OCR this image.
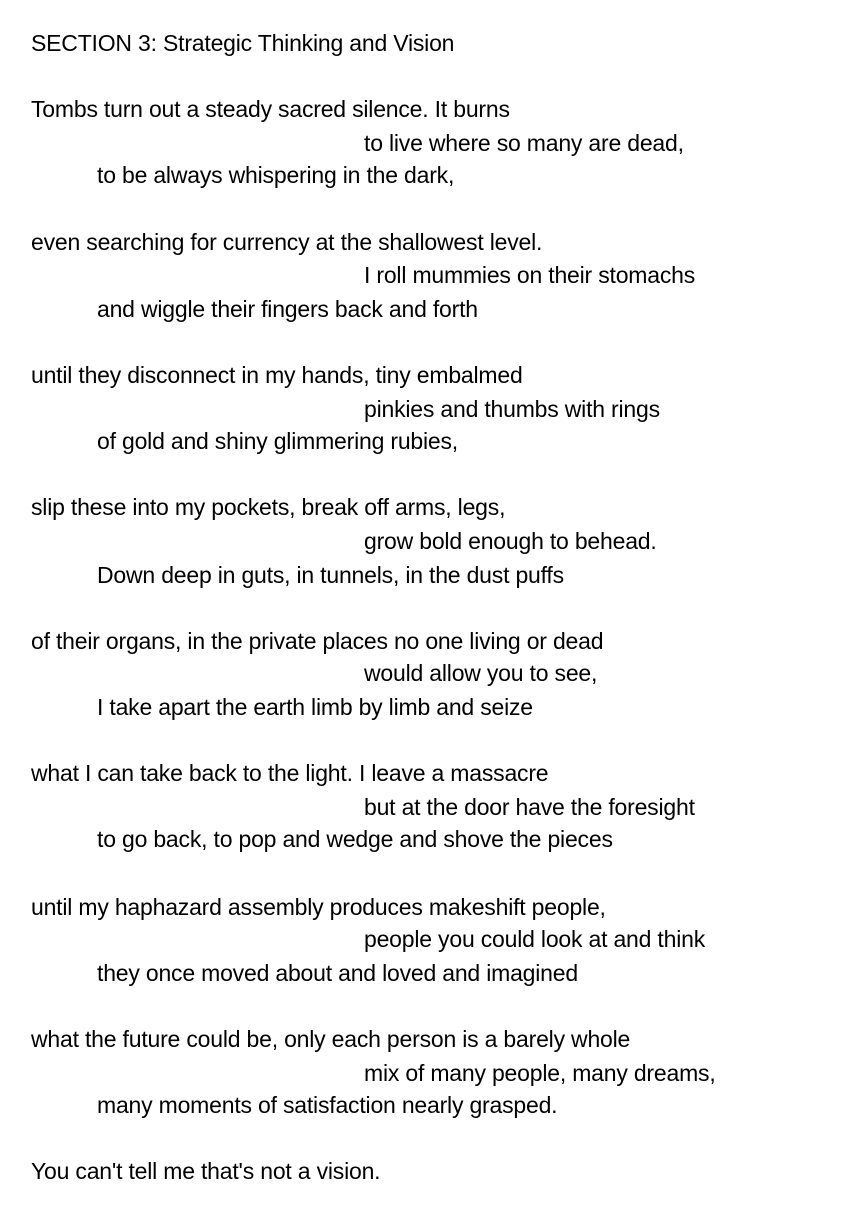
SECTION 3: Strategic Thinking and Vision
Tombs turn out a steady sacred silence. It burns
to live where so many are dead,
to be always whispering in the dark,
even searching for currency at the shallowest level.
I roll mummies on their stomachs
and wiggle their fingers back and forth
until they disconnect in my hands, tiny embalmed
pinkies and thumbs with rings
of gold and shiny glimmering rubies,
slip these into my pockets, break off arms, legs,
grow bold enough to behead.
Down deep in guts, in tunnels, in the dust puffs
of their organs, in the private places no one living or dead
would allow you to see,
I take apart the earth limb by limb and seize
what I can take back to the light. I leave a massacre
but at the door have the foresight
to go back, to pop and wedge and shove the pieces
until my haphazard assembly produces makeshift people,
people you could look at and think
they once moved about and loved and imagined
what the future could be, only each person is a barely whole
mix of many people, many dreams,
many moments of satisfaction nearly grasped.
You can't tell me that's not a vision.
